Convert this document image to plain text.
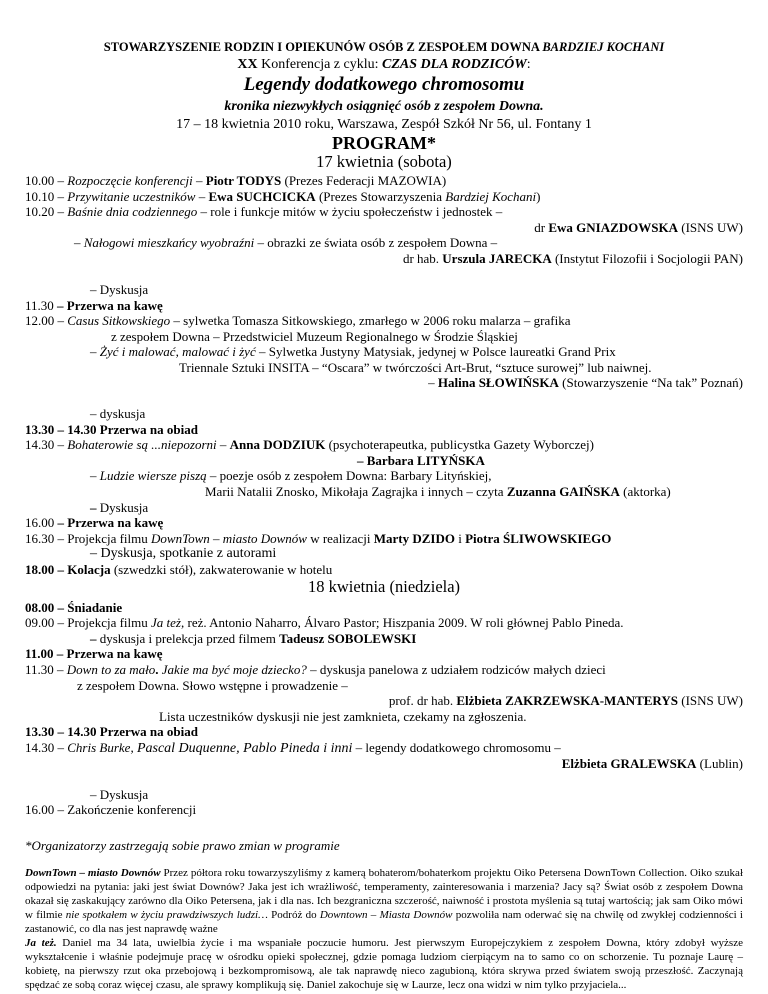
STOWARZYSZENIE RODZIN I OPIEKUNÓW OSÓB Z ZESPOŁEM DOWNA BARDZIEJ KOCHANI
XX Konferencja z cyklu: CZAS DLA RODZICÓW:
Legendy dodatkowego chromosomu
kronika niezwykłych osiągnięć osób z zespołem Downa.
17 – 18 kwietnia 2010 roku, Warszawa, Zespół Szkół Nr 56, ul. Fontany 1
PROGRAM*
17 kwietnia (sobota)
10.00 – Rozpoczęcie konferencji – Piotr TODYS (Prezes Federacji MAZOWIA)
10.10 – Przywitanie uczestników – Ewa SUCHCICKA (Prezes Stowarzyszenia Bardziej Kochani)
10.20 – Baśnie dnia codziennego – role i funkcje mitów w życiu społeczeństw i jednostek –
dr Ewa GNIAZDOWSKA (ISNS UW)
– Nałogowi mieszkańcy wyobraźni – obrazki ze świata osób z zespołem Downa –
dr hab. Urszula JARECKA (Instytut Filozofii i Socjologii PAN)
– Dyskusja
11.30 – Przerwa na kawę
12.00 – Casus Sitkowskiego – sylwetka Tomasza Sitkowskiego, zmarłego w 2006 roku malarza – grafika
z zespołem Downa – Przedstwiciel Muzeum Regionalnego w Środzie Śląskiej
– Żyć i malować, malować i żyć – Sylwetka Justyny Matysiak, jedynej w Polsce laureatki Grand Prix
Triennale Sztuki INSITA – “Oscara” w twórczości Art-Brut, “sztuce surowej” lub naiwnej.
– Halina SŁOWIŃSKA (Stowarzyszenie “Na tak” Poznań)
– dyskusja
13.30 – 14.30 Przerwa na obiad
14.30 – Bohaterowie są ...niepozorni – Anna DODZIUK (psychoterapeutka, publicystka Gazety Wyborczej)
– Barbara LITYŃSKA
– Ludzie wiersze piszą – poezje osób z zespołem Downa: Barbary Lityńskiej,
Marii Natalii Znosko, Mikołaja Zagrajka i innych – czyta Zuzanna GAIŃSKA (aktorka)
– Dyskusja
16.00 – Przerwa na kawę
16.30 – Projekcja filmu DownTown – miasto Downów w realizacji Marty DZIDO i Piotra ŚLIWOWSKIEGO
– Dyskusja, spotkanie z autorami
18.00 – Kolacja (szwedzki stół), zakwaterowanie w hotelu
18 kwietnia (niedziela)
08.00 – Śniadanie
09.00 – Projekcja filmu Ja też, reż. Antonio Naharro, Álvaro Pastor; Hiszpania 2009. W roli głównej Pablo Pineda.
– dyskusja i prelekcja przed filmem Tadeusz SOBOLEWSKI
11.00 – Przerwa na kawę
11.30 – Down to za mało. Jakie ma być moje dziecko? – dyskusja panelowa z udziałem rodziców małych dzieci
z zespołem Downa. Słowo wstępne i prowadzenie –
prof. dr hab. Elżbieta ZAKRZEWSKA-MANTERYS (ISNS UW)
Lista uczestników dyskusji nie jest zamknieta, czekamy na zgłoszenia.
13.30 – 14.30 Przerwa na obiad
14.30 – Chris Burke, Pascal Duquenne, Pablo Pineda i inni – legendy dodatkowego chromosomu –
Elżbieta GRALEWSKA (Lublin)
– Dyskusja
16.00 – Zakończenie konferencji
*Organizatorzy zastrzegają sobie prawo zmian w programie

DownTown – miasto Downów Przez półtora roku towarzyszyliśmy z kamerą bohaterom/bohaterkom projektu Oiko Petersena DownTown Collection. Oiko szukał odpowiedzi na pytania: jaki jest świat Downów? Jaka jest ich wrażliwość, temperamenty, zainteresowania i marzenia? Jacy są? Świat osób z zespołem Downa okazał się zaskakujący zarówno dla Oiko Petersena, jak i dla nas. Ich bezgraniczna szczerość, naiwność i prostota myślenia są tutaj wartością; jak sam Oiko mówi w filmie nie spotkałem w życiu prawdziwszych ludzi… Podróż do Downtown – Miasta Downów pozwoliła nam oderwać się na chwilę od zwykłej codzienności i zastanowić, co dla nas jest naprawdę ważne

Ja też. Daniel ma 34 lata, uwielbia życie i ma wspaniałe poczucie humoru. Jest pierwszym Europejczykiem z zespołem Downa, który zdobył wyższe wykształcenie i właśnie podejmuje pracę w ośrodku opieki społecznej, gdzie pomaga ludziom cierpiącym na to samo co on schorzenie. Tu poznaje Laurę – kobietę, na pierwszy rzut oka przebojową i bezkompromisową, ale tak naprawdę nieco zagubioną, która skrywa przed światem swoją przeszłość. Zaczynają spędzać ze sobą coraz więcej czasu, ale sprawy komplikują się. Daniel zakochuje się w Laurze, lecz ona widzi w nim tylko przyjaciela...
